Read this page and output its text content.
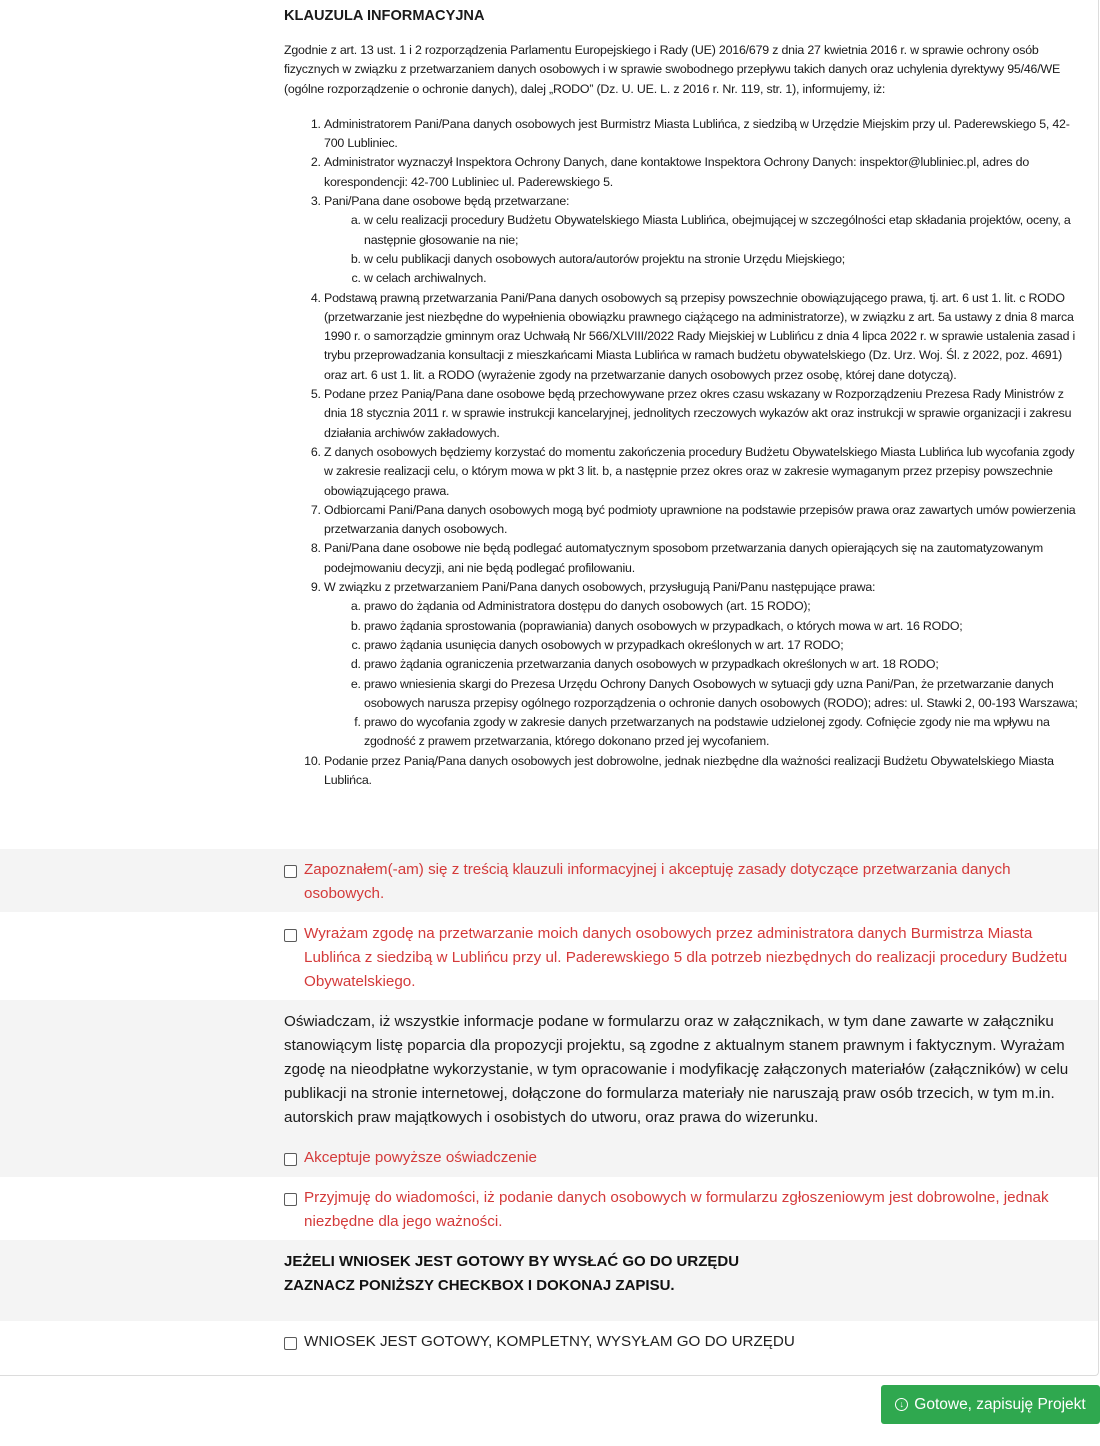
KLAUZULA INFORMACYJNA

Zgodnie z art. 13 ust. 1 i 2 rozporządzenia Parlamentu Europejskiego i Rady (UE) 2016/679 z dnia 27 kwietnia 2016 r. w sprawie ochrony osób fizycznych w związku z przetwarzaniem danych osobowych i w sprawie swobodnego przepływu takich danych oraz uchylenia dyrektywy 95/46/WE (ogólne rozporządzenie o ochronie danych), dalej „RODO” (Dz. U. UE. L. z 2016 r. Nr. 119, str. 1), informujemy, iż:

1. Administratorem Pani/Pana danych osobowych jest Burmistrz Miasta Lublińca, z siedzibą w Urzędzie Miejskim przy ul. Paderewskiego 5, 42-700 Lubliniec.
2. Administrator wyznaczył Inspektora Ochrony Danych, dane kontaktowe Inspektora Ochrony Danych: inspektor@lubliniec.pl, adres do korespondencji: 42-700 Lubliniec ul. Paderewskiego 5.
3. Pani/Pana dane osobowe będą przetwarzane:
a. w celu realizacji procedury Budżetu Obywatelskiego Miasta Lublińca, obejmującej w szczególności etap składania projektów, oceny, a następnie głosowanie na nie;
b. w celu publikacji danych osobowych autora/autorów projektu na stronie Urzędu Miejskiego;
c. w celach archiwalnych.
4. Podstawą prawną przetwarzania Pani/Pana danych osobowych są przepisy powszechnie obowiązującego prawa, tj. art. 6 ust 1. lit. c RODO (przetwarzanie jest niezbędne do wypełnienia obowiązku prawnego ciążącego na administratorze), w związku z art. 5a ustawy z dnia 8 marca 1990 r. o samorządzie gminnym oraz Uchwałą Nr 566/XLVIII/2022 Rady Miejskiej w Lublińcu z dnia 4 lipca 2022 r. w sprawie ustalenia zasad i trybu przeprowadzania konsultacji z mieszkańcami Miasta Lublińca w ramach budżetu obywatelskiego (Dz. Urz. Woj. Śl. z 2022, poz. 4691) oraz art. 6 ust 1. lit. a RODO (wyrażenie zgody na przetwarzanie danych osobowych przez osobę, której dane dotyczą).
5. Podane przez Panią/Pana dane osobowe będą przechowywane przez okres czasu wskazany w Rozporządzeniu Prezesa Rady Ministrów z dnia 18 stycznia 2011 r. w sprawie instrukcji kancelaryjnej, jednolitych rzeczowych wykazów akt oraz instrukcji w sprawie organizacji i zakresu działania archiwów zakładowych.
6. Z danych osobowych będziemy korzystać do momentu zakończenia procedury Budżetu Obywatelskiego Miasta Lublińca lub wycofania zgody w zakresie realizacji celu, o którym mowa w pkt 3 lit. b, a następnie przez okres oraz w zakresie wymaganym przez przepisy powszechnie obowiązującego prawa.
7. Odbiorcami Pani/Pana danych osobowych mogą być podmioty uprawnione na podstawie przepisów prawa oraz zawartych umów powierzenia przetwarzania danych osobowych.
8. Pani/Pana dane osobowe nie będą podlegać automatycznym sposobom przetwarzania danych opierających się na zautomatyzowanym podejmowaniu decyzji, ani nie będą podlegać profilowaniu.
9. W związku z przetwarzaniem Pani/Pana danych osobowych, przysługują Pani/Panu następujące prawa:
a. prawo do żądania od Administratora dostępu do danych osobowych (art. 15 RODO);
b. prawo żądania sprostowania (poprawiania) danych osobowych w przypadkach, o których mowa w art. 16 RODO;
c. prawo żądania usunięcia danych osobowych w przypadkach określonych w art. 17 RODO;
d. prawo żądania ograniczenia przetwarzania danych osobowych w przypadkach określonych w art. 18 RODO;
e. prawo wniesienia skargi do Prezesa Urzędu Ochrony Danych Osobowych w sytuacji gdy uzna Pani/Pan, że przetwarzanie danych osobowych narusza przepisy ogólnego rozporządzenia o ochronie danych osobowych (RODO); adres: ul. Stawki 2, 00-193 Warszawa;
f. prawo do wycofania zgody w zakresie danych przetwarzanych na podstawie udzielonej zgody. Cofnięcie zgody nie ma wpływu na zgodność z prawem przetwarzania, którego dokonano przed jej wycofaniem.
10. Podanie przez Panią/Pana danych osobowych jest dobrowolne, jednak niezbędne dla ważności realizacji Budżetu Obywatelskiego Miasta Lublińca.
Zapoznałem(-am) się z treścią klauzuli informacyjnej i akceptuję zasady dotyczące przetwarzania danych osobowych.
Wyrażam zgodę na przetwarzanie moich danych osobowych przez administratora danych Burmistrza Miasta Lublińca z siedzibą w Lublińcu przy ul. Paderewskiego 5 dla potrzeb niezbędnych do realizacji procedury Budżetu Obywatelskiego.
Oświadczam, iż wszystkie informacje podane w formularzu oraz w załącznikach, w tym dane zawarte w załączniku stanowiącym listę poparcia dla propozycji projektu, są zgodne z aktualnym stanem prawnym i faktycznym. Wyrażam zgodę na nieodpłatne wykorzystanie, w tym opracowanie i modyfikację załączonych materiałów (załączników) w celu publikacji na stronie internetowej, dołączone do formularza materiały nie naruszają praw osób trzecich, w tym m.in. autorskich praw majątkowych i osobistych do utworu, oraz prawa do wizerunku.
Akceptuje powyższe oświadczenie
Przyjmuję do wiadomości, iż podanie danych osobowych w formularzu zgłoszeniowym jest dobrowolne, jednak niezbędne dla jego ważności.
JEŻELI WNIOSEK JEST GOTOWY BY WYSŁAĆ GO DO URZĘDU
ZAZNACZ PONIŻSZY CHECKBOX I DOKONAJ ZAPISU.
WNIOSEK JEST GOTOWY, KOMPLETNY, WYSYŁAM GO DO URZĘDU
↓ Gotowe, zapisuję Projekt
